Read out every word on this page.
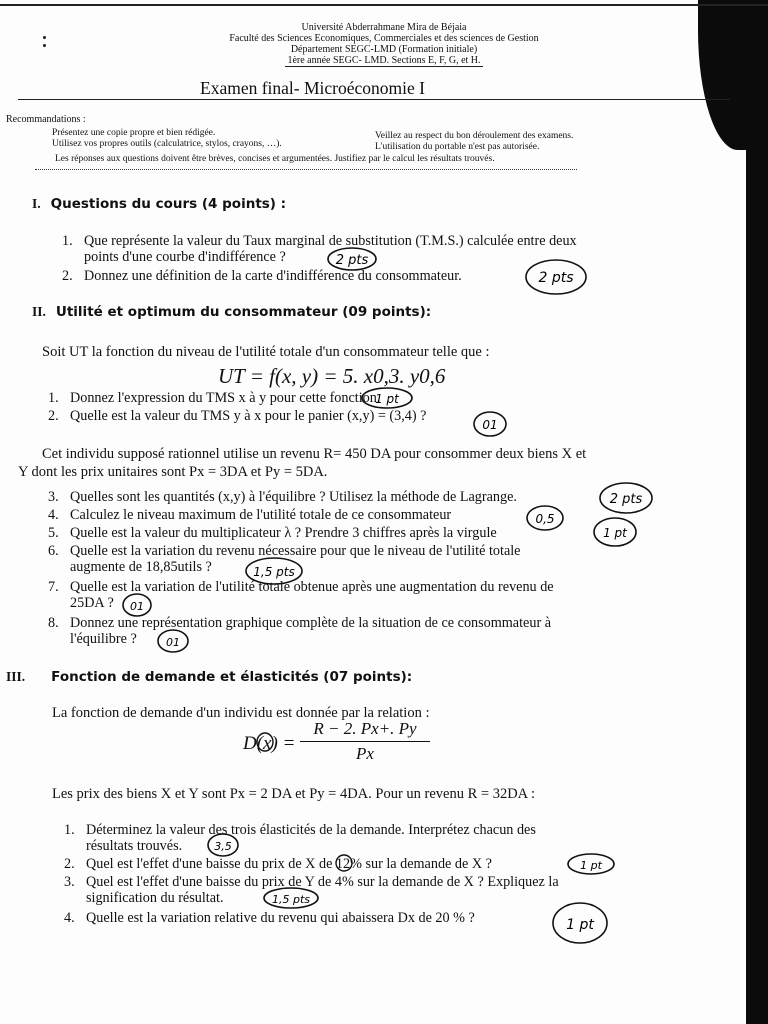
Université Abderrahmane Mira de Béjaia
Faculté des Sciences Economiques, Commerciales et des sciences de Gestion
Département SEGC-LMD (Formation initiale)
1ère année SEGC- LMD. Sections E, F, G, et H.
Examen final- Microéconomie I
Recommandations :
Présentez une copie propre et bien rédigée.
Utilisez vos propres outils (calculatrice, stylos, crayons, …).
Veillez au respect du bon déroulement des examens.
L'utilisation du portable n'est pas autorisée.
Les réponses aux questions doivent être brèves, concises et argumentées. Justifiez par le calcul les résultats trouvés.
I. Questions du cours (4 points) :
1. Que représente la valeur du Taux marginal de substitution (T.M.S.) calculée entre deux
points d'une courbe d'indifférence ?
2. Donnez une définition de la carte d'indifférence du consommateur.
II. Utilité et optimum du consommateur (09 points):
Soit UT la fonction du niveau de l'utilité totale d'un consommateur telle que :
UT = f(x, y) = 5. x0,3. y0,6
1. Donnez l'expression du TMS x à y pour cette fonction.
2. Quelle est la valeur du TMS y à x pour le panier (x,y) = (3,4) ?
Cet individu supposé rationnel utilise un revenu R= 450 DA pour consommer deux biens X et
Y dont les prix unitaires sont Px = 3DA et Py = 5DA.
3. Quelles sont les quantités (x,y) à l'équilibre ? Utilisez la méthode de Lagrange.
4. Calculez le niveau maximum de l'utilité totale de ce consommateur
5. Quelle est la valeur du multiplicateur λ ? Prendre 3 chiffres après la virgule
6. Quelle est la variation du revenu nécessaire pour que le niveau de l'utilité totale
augmente de 18,85utils ?
7. Quelle est la variation de l'utilité totale obtenue après une augmentation du revenu de
25DA ?
8. Donnez une représentation graphique complète de la situation de ce consommateur à
l'équilibre ?
III. Fonction de demande et élasticités (07 points):
La fonction de demande d'un individu est donnée par la relation :
D(x) =
R − 2. Px+. Py
Px
Les prix des biens X et Y sont Px = 2 DA et Py = 4DA. Pour un revenu R = 32DA :
1. Déterminez la valeur des trois élasticités de la demande. Interprétez chacun des
résultats trouvés.
2. Quel est l'effet d'une baisse du prix de X de 12% sur la demande de X ?
3. Quel est l'effet d'une baisse du prix de Y de 4% sur la demande de X ? Expliquez la
signification du résultat.
4. Quelle est la variation relative du revenu qui abaissera Dx de 20 % ?
2 pts
2 pts
1 pt
01
2 pts
0,5
1 pt
1,5 pts
01
01
3,5
1 pt
1,5 pts
1 pt
